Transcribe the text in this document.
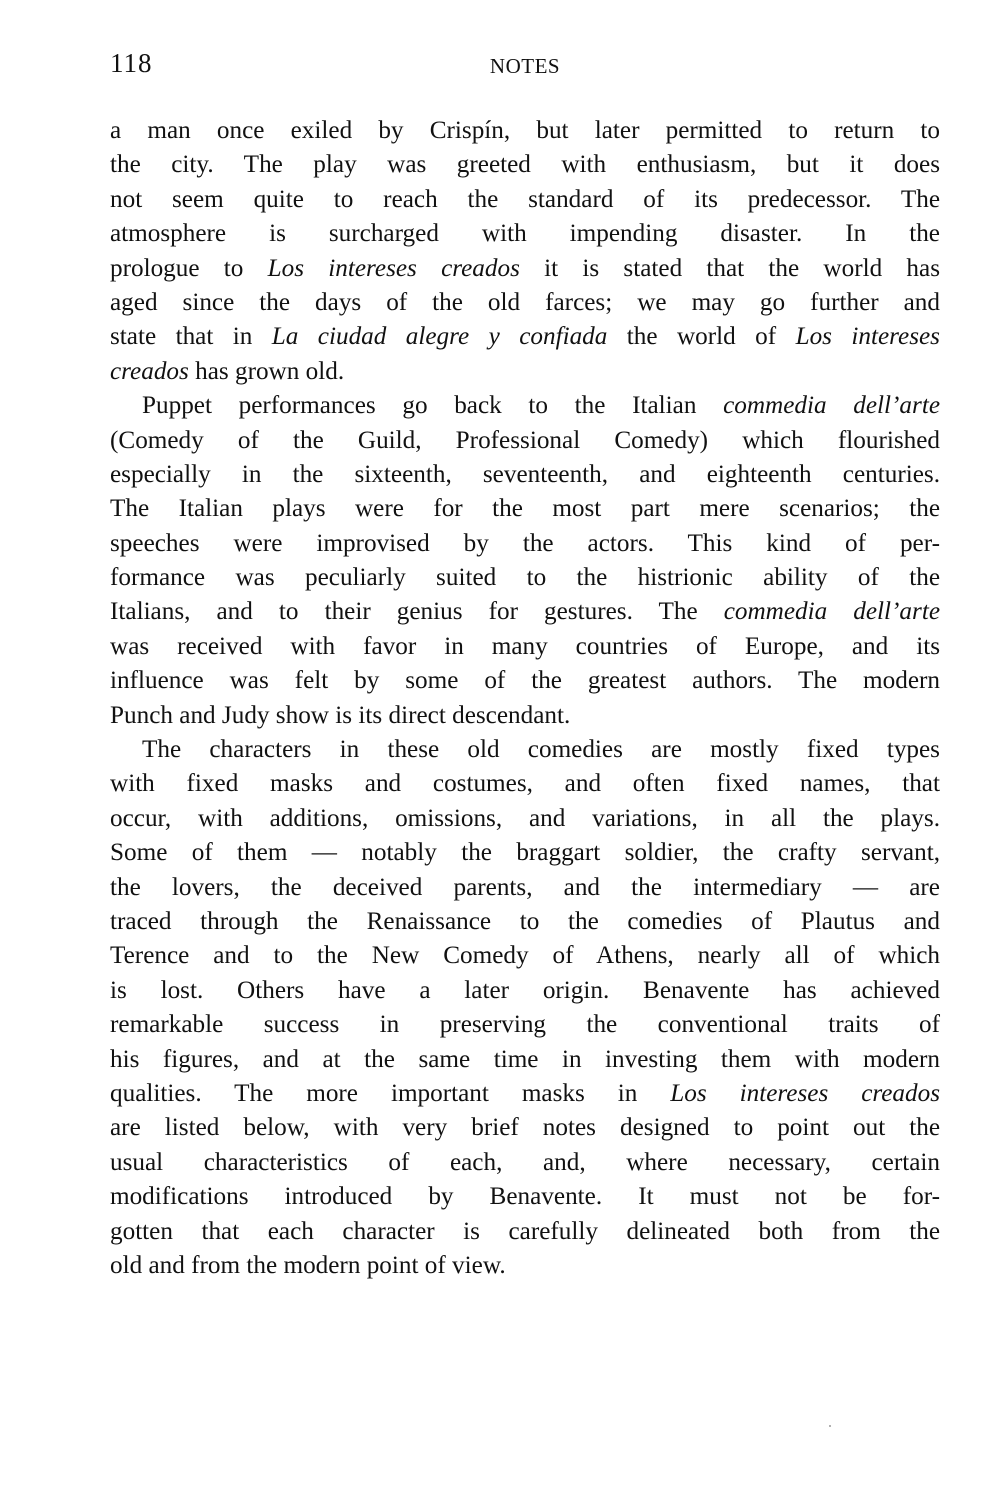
118	NOTES
a man once exiled by Crispín, but later permitted to return to
the city. The play was greeted with enthusiasm, but it does
not seem quite to reach the standard of its predecessor. The
atmosphere is surcharged with impending disaster. In the
prologue to Los intereses creados it is stated that the world has
aged since the days of the old farces; we may go further and
state that in La ciudad alegre y confiada the world of Los intereses
creados has grown old.
Puppet performances go back to the Italian commedia dell’arte
(Comedy of the Guild, Professional Comedy) which flourished
especially in the sixteenth, seventeenth, and eighteenth centuries.
The Italian plays were for the most part mere scenarios; the
speeches were improvised by the actors. This kind of per-
formance was peculiarly suited to the histrionic ability of the
Italians, and to their genius for gestures. The commedia dell’arte
was received with favor in many countries of Europe, and its
influence was felt by some of the greatest authors. The modern
Punch and Judy show is its direct descendant.
The characters in these old comedies are mostly fixed types
with fixed masks and costumes, and often fixed names, that
occur, with additions, omissions, and variations, in all the plays.
Some of them — notably the braggart soldier, the crafty servant,
the lovers, the deceived parents, and the intermediary — are
traced through the Renaissance to the comedies of Plautus and
Terence and to the New Comedy of Athens, nearly all of which
is lost. Others have a later origin. Benavente has achieved
remarkable success in preserving the conventional traits of
his figures, and at the same time in investing them with modern
qualities. The more important masks in Los intereses creados
are listed below, with very brief notes designed to point out the
usual characteristics of each, and, where necessary, certain
modifications introduced by Benavente. It must not be for-
gotten that each character is carefully delineated both from the
old and from the modern point of view.
